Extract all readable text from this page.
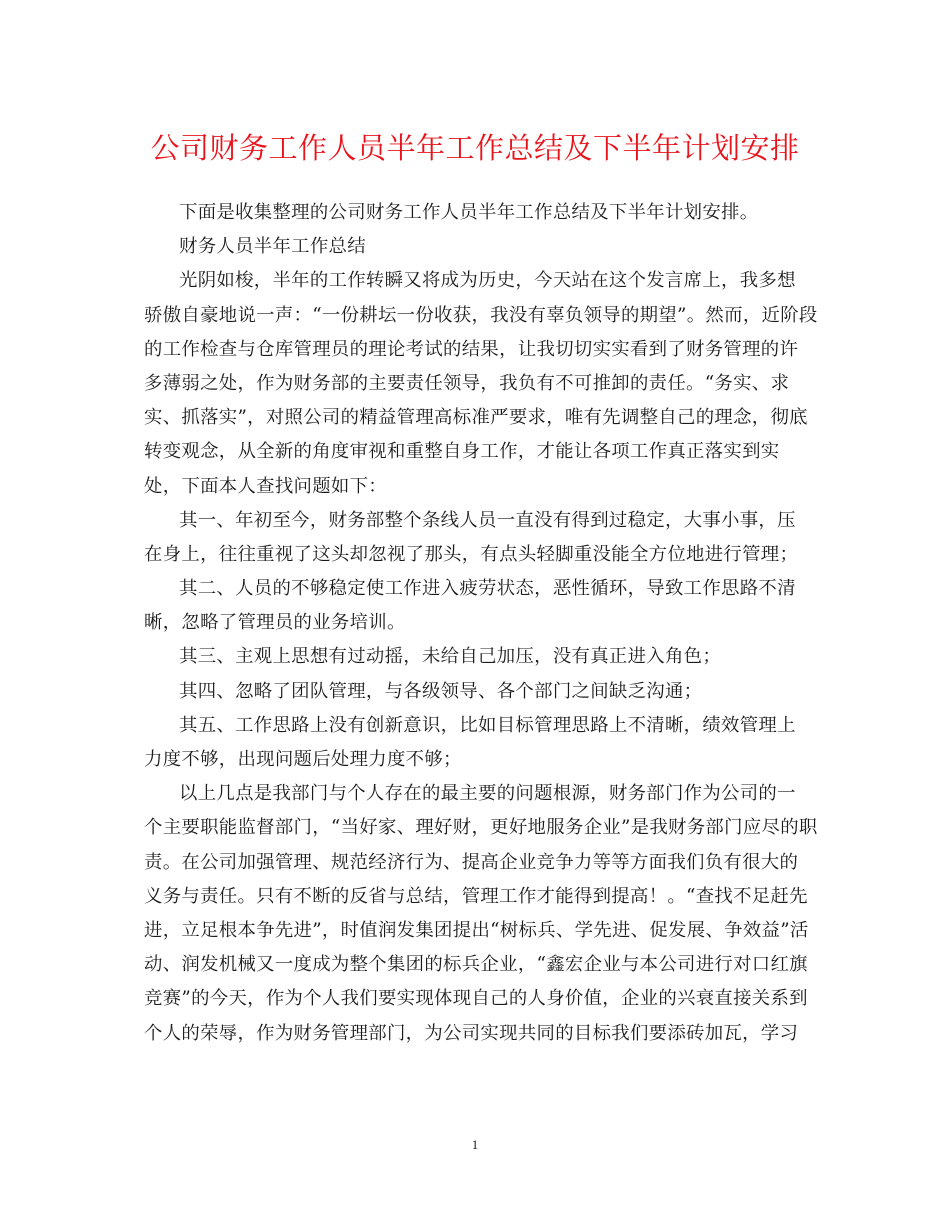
公司财务工作人员半年工作总结及下半年计划安排
下面是收集整理的公司财务工作人员半年工作总结及下半年计划安排。
财务人员半年工作总结
光阴如梭，半年的工作转瞬又将成为历史，今天站在这个发言席上，我多想
骄傲自豪地说一声：“一份耕坛一份收获，我没有辜负领导的期望”。然而，近阶段
的工作检查与仓库管理员的理论考试的结果，让我切切实实看到了财务管理的许
多薄弱之处，作为财务部的主要责任领导，我负有不可推卸的责任。“务实、求
实、抓落实”，对照公司的精益管理高标准严要求，唯有先调整自己的理念，彻底
转变观念，从全新的角度审视和重整自身工作，才能让各项工作真正落实到实
处，下面本人查找问题如下：
其一、年初至今，财务部整个条线人员一直没有得到过稳定，大事小事，压
在身上，往往重视了这头却忽视了那头，有点头轻脚重没能全方位地进行管理；
其二、人员的不够稳定使工作进入疲劳状态，恶性循环，导致工作思路不清
晰，忽略了管理员的业务培训。
其三、主观上思想有过动摇，未给自己加压，没有真正进入角色；
其四、忽略了团队管理，与各级领导、各个部门之间缺乏沟通；
其五、工作思路上没有创新意识，比如目标管理思路上不清晰，绩效管理上
力度不够，出现问题后处理力度不够；
以上几点是我部门与个人存在的最主要的问题根源，财务部门作为公司的一
个主要职能监督部门，“当好家、理好财，更好地服务企业”是我财务部门应尽的职
责。在公司加强管理、规范经济行为、提高企业竞争力等等方面我们负有很大的
义务与责任。只有不断的反省与总结，管理工作才能得到提高！。“查找不足赶先
进，立足根本争先进”，时值润发集团提出“树标兵、学先进、促发展、争效益”活
动、润发机械又一度成为整个集团的标兵企业，“鑫宏企业与本公司进行对口红旗
竞赛”的今天，作为个人我们要实现体现自己的人身价值，企业的兴衰直接关系到
个人的荣辱，作为财务管理部门，为公司实现共同的目标我们要添砖加瓦，学习
1
